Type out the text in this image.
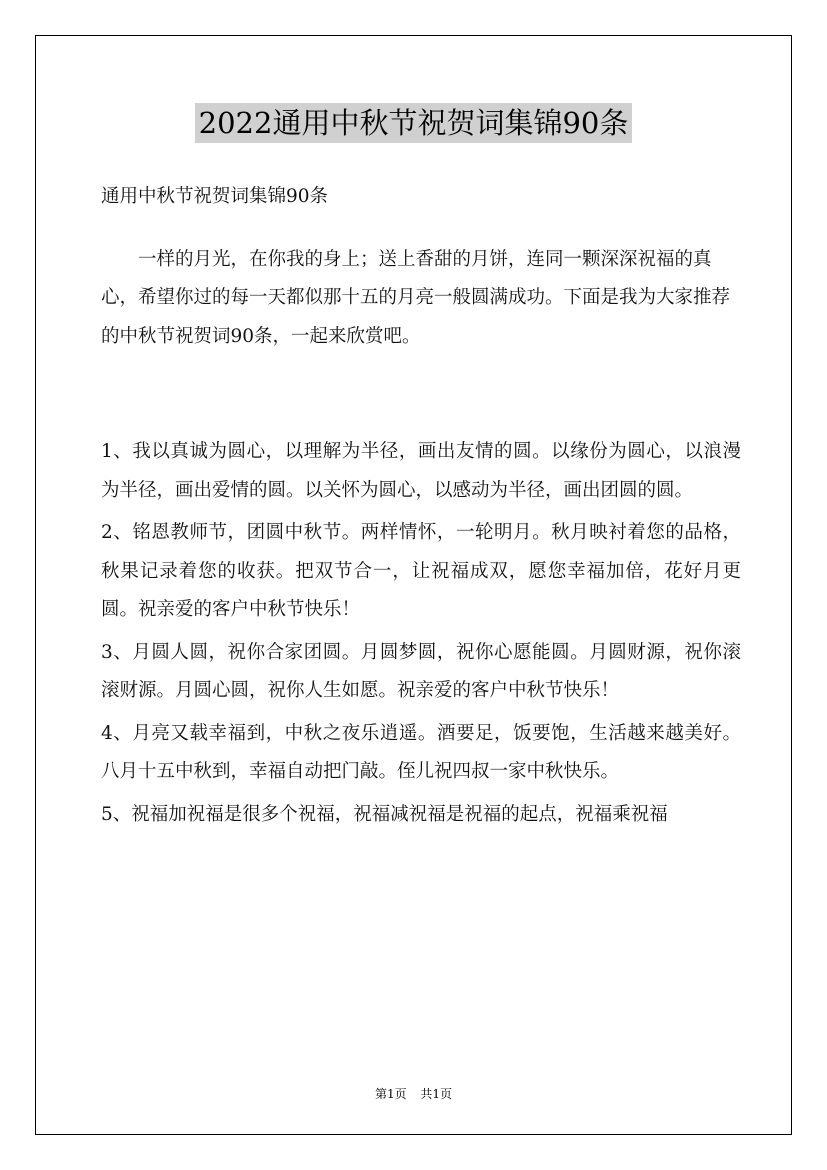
2022通用中秋节祝贺词集锦90条

通用中秋节祝贺词集锦90条

一样的月光，在你我的身上；送上香甜的月饼，连同一颗深深祝福的真心，希望你过的每一天都似那十五的月亮一般圆满成功。下面是我为大家推荐的中秋节祝贺词90条，一起来欣赏吧。

1、我以真诚为圆心，以理解为半径，画出友情的圆。以缘份为圆心，以浪漫为半径，画出爱情的圆。以关怀为圆心，以感动为半径，画出团圆的圆。

2、铭恩教师节，团圆中秋节。两样情怀，一轮明月。秋月映衬着您的品格，秋果记录着您的收获。把双节合一，让祝福成双，愿您幸福加倍，花好月更圆。祝亲爱的客户中秋节快乐！

3、月圆人圆，祝你合家团圆。月圆梦圆，祝你心愿能圆。月圆财源，祝你滚滚财源。月圆心圆，祝你人生如愿。祝亲爱的客户中秋节快乐！

4、月亮又载幸福到，中秋之夜乐逍遥。酒要足，饭要饱，生活越来越美好。八月十五中秋到，幸福自动把门敲。侄儿祝四叔一家中秋快乐。

5、祝福加祝福是很多个祝福，祝福减祝福是祝福的起点，祝福乘祝福

第1页 共1页
